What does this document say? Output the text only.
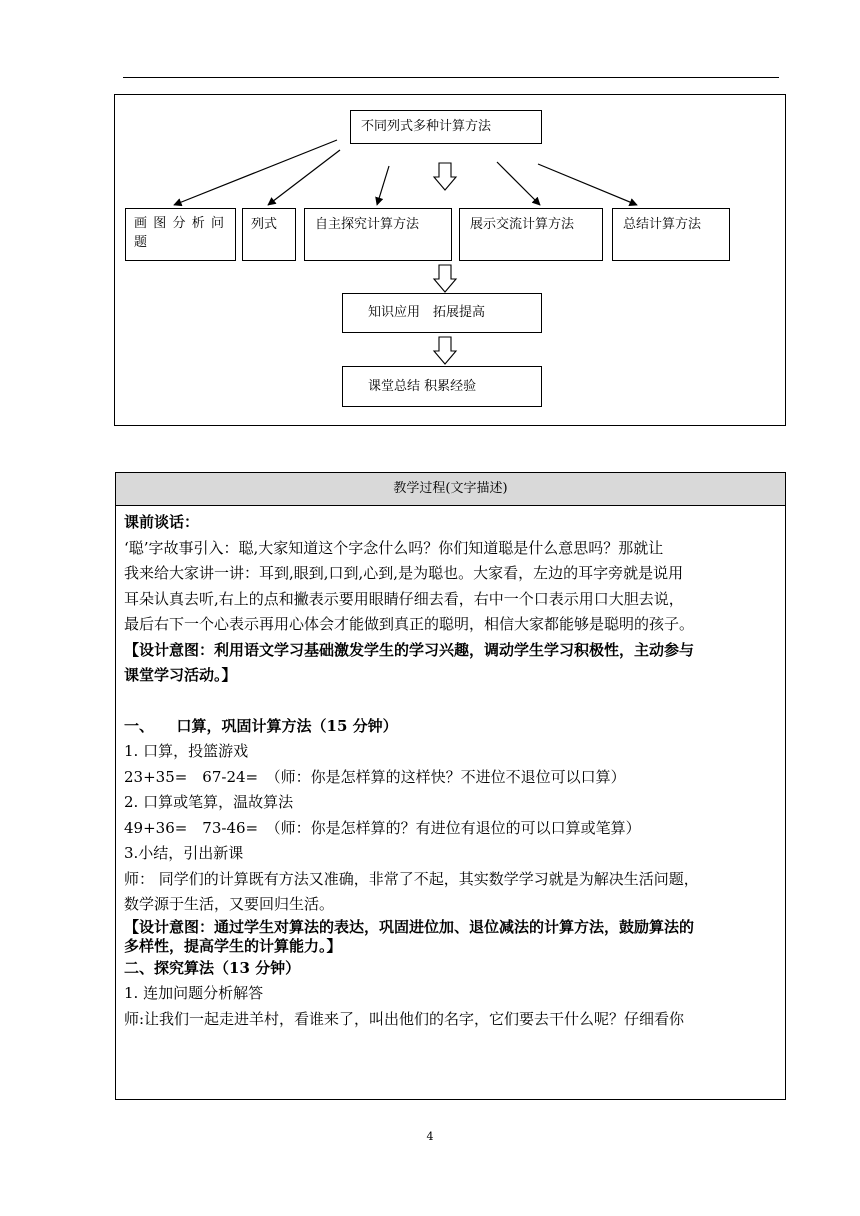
不同列式多种计算方法
画图分析问题
列式	自主探究计算方法	展示交流计算方法	总结计算方法
知识应用　拓展提高
课堂总结 积累经验
教学过程(文字描述)

课前谈话：

‘聪’字故事引入：聪,大家知道这个字念什么吗？你们知道聪是什么意思吗？那就让

我来给大家讲一讲：耳到,眼到,口到,心到,是为聪也。大家看，左边的耳字旁就是说用

耳朵认真去听,右上的点和撇表示要用眼睛仔细去看，右中一个口表示用口大胆去说，

最后右下一个心表示再用心体会才能做到真正的聪明，相信大家都能够是聪明的孩子。

【设计意图：利用语文学习基础激发学生的学习兴趣，调动学生学习积极性，主动参与

课堂学习活动。】

一、　　口算，巩固计算方法（15 分钟）

1. 口算，投篮游戏

23+35=　67-24=　（师：你是怎样算的这样快？不进位不退位可以口算）

2. 口算或笔算，温故算法

49+36=　73-46=　（师：你是怎样算的？有进位有退位的可以口算或笔算）

3.小结，引出新课

师： 同学们的计算既有方法又准确，非常了不起，其实数学学习就是为解决生活问题，

数学源于生活，又要回归生活。

【设计意图：通过学生对算法的表达，巩固进位加、退位减法的计算方法，鼓励算法的

多样性，提高学生的计算能力。】

二、探究算法（13 分钟）

1. 连加问题分析解答

师:让我们一起走进羊村，看谁来了，叫出他们的名字，它们要去干什么呢？仔细看你

4
